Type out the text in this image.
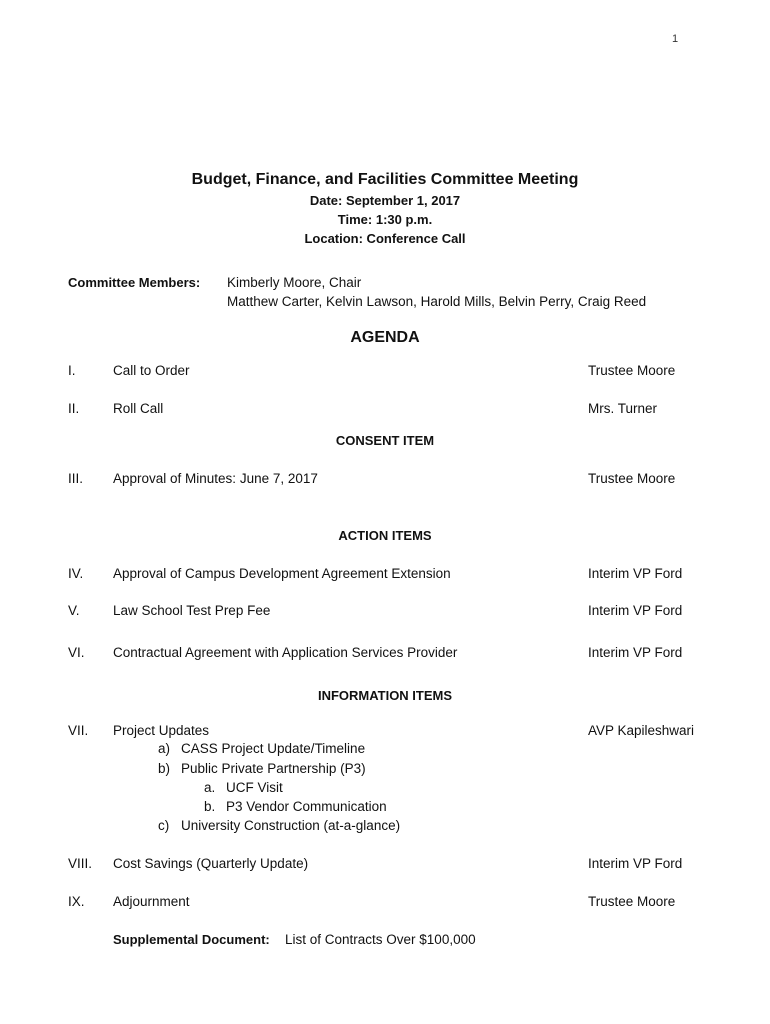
1
Budget, Finance, and Facilities Committee Meeting
Date: September 1, 2017
Time: 1:30 p.m.
Location: Conference Call
Committee Members: Kimberly Moore, Chair
Matthew Carter, Kelvin Lawson, Harold Mills, Belvin Perry, Craig Reed
AGENDA
I.	Call to Order	Trustee Moore
II. Roll Call	Mrs. Turner
CONSENT ITEM
III. Approval of Minutes: June 7, 2017	Trustee Moore
ACTION ITEMS
IV. Approval of Campus Development Agreement Extension	Interim VP Ford
V. Law School Test Prep Fee	Interim VP Ford
VI. Contractual Agreement with Application Services Provider	Interim VP Ford
INFORMATION ITEMS
VII. Project Updates	AVP Kapileshwari
a) CASS Project Update/Timeline
b) Public Private Partnership (P3)
a. UCF Visit
b. P3 Vendor Communication
c) University Construction (at-a-glance)
VIII. Cost Savings (Quarterly Update)	Interim VP Ford
IX. Adjournment	Trustee Moore
Supplemental Document: List of Contracts Over $100,000
